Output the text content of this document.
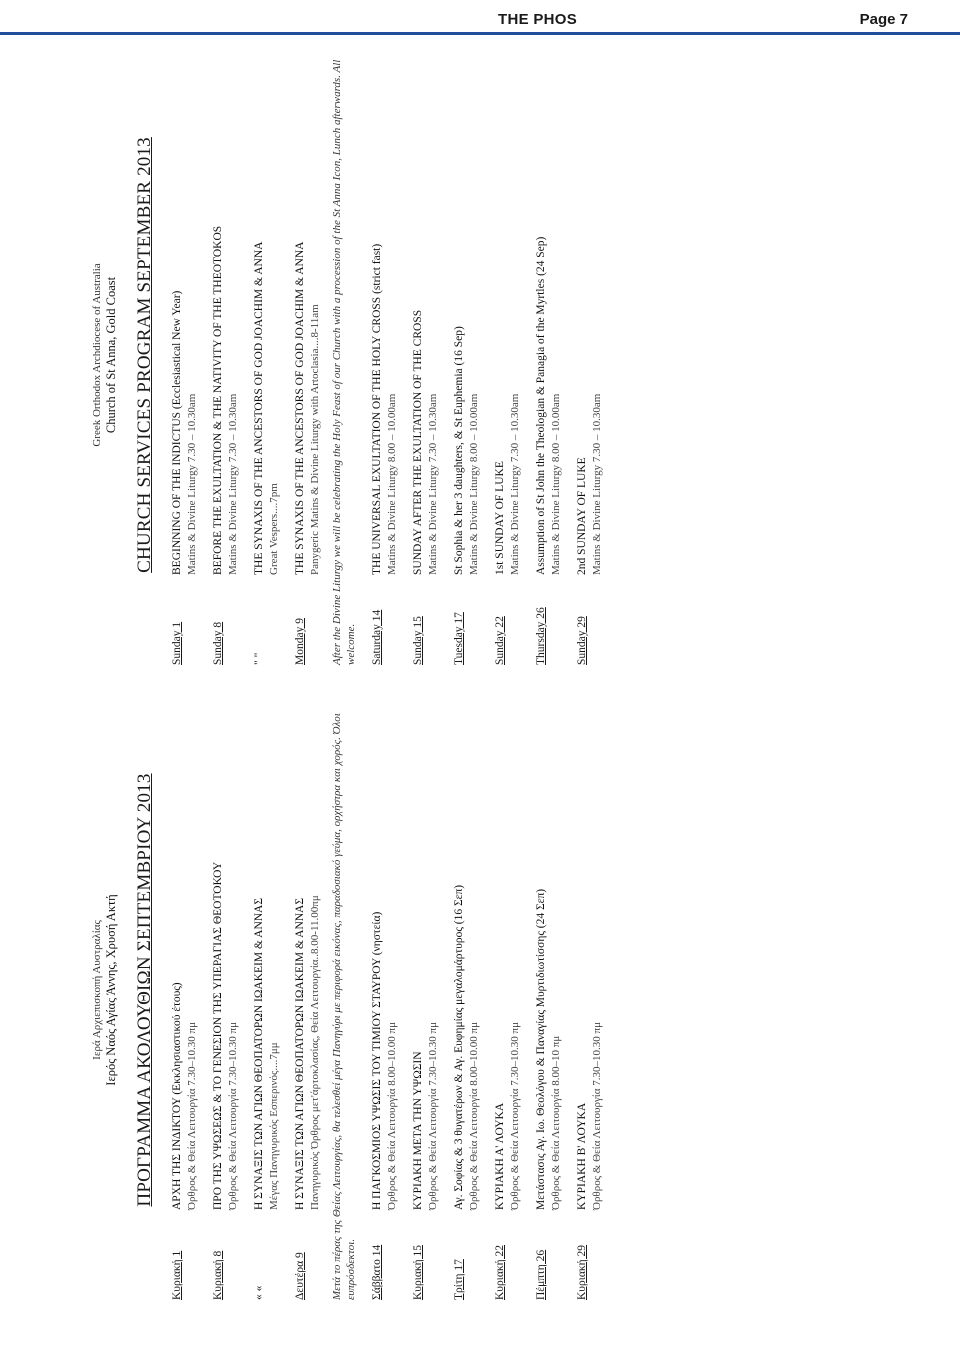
THE PHOS	Page 7
Ιερά Αρχιεπισκοπή Αυστραλίας Ιερός Ναός Αγίας Άννης, Χρυσή Ακτή ΠΡΟΓΡΑΜΜΑ ΑΚΟΛΟΥΘΙΩΝ ΣΕΠΤΕΜΒΡΙΟΥ 2013
Κυριακή 1
ΑΡΧΗ ΤΗΣ ΙΝΔΙΚΤΟΥ (Εκκλησιαστικού έτους) Όρθρος & Θεία Λειτουργία 7.30–10.30 πμ
Κυριακή 8
ΠΡΟ ΤΗΣ ΥΨΩΣΕΩΣ & ΤΟ ΓΕΝΕΣΙΟΝ ΤΗΣ ΥΠΕΡΑΓΙΑΣ ΘΕΟΤΟΚΟΥ Όρθρος & Θεία Λειτουργία 7.30–10.30 πμ
« «
Η ΣΥΝΑΞΙΣ ΤΩΝ ΑΓΙΩΝ ΘΕΟΠΑΤΟΡΩΝ ΙΩΑΚΕΙΜ & ΑΝΝΑΣ Μέγας Πανηγυρικός Εσπερινός....7μμ
Δευτέρα 9
Η ΣΥΝΑΞΙΣ ΤΩΝ ΑΓΙΩΝ ΘΕΟΠΑΤΟΡΩΝ ΙΩΑΚΕΙΜ & ΑΝΝΑΣ Πανηγυρικός Όρθρος μετ'άρτοκλασίας, Θεία Λειτουργία..8.00-11.00πμ Μετά το πέρας της Θείας Λειτουργίας, θα τελεσθεί μέγα Πανηγύρι με περιφορά εικόνας, παραδοσιακό γεύμα, ορχήστρα και χορός. Όλοι ευπρόσδεκτοι. Σάββατο 14
Η ΠΑΓΚΟΣΜΙΟΣ ΥΨΩΣΙΣ ΤΟΥ ΤΙΜΙΟΥ ΣΤΑΥΡΟΥ (νηστεία) Όρθρος & Θεία Λειτουργία 8.00–10.00 πμ
Κυριακή 15
ΚΥΡΙΑΚΗ ΜΕΤΑ ΤΗΝ ΥΨΩΣΙΝ Όρθρος & Θεία Λειτουργία 7.30–10.30 πμ
Τρίτη 17
Αγ. Σοφίας & 3 θυγατέρων & Αγ. Ευφημίας μεγαλομάρτυρος (16 Σεπ) Όρθρος & Θεία Λειτουργία 8.00–10.00 πμ
Κυριακή 22
ΚΥΡΙΑΚΗ Α' ΛΟΥΚΑ Όρθρος & Θεία Λειτουργία 7.30–10.30 πμ
Πέμπτη 26
Μετάστασις Αγ. Ιω. Θεολόγου & Παναγίας Μυρτιδιωτίσσης (24 Σεπ) Όρθρος & Θεία Λειτουργία 8.00–10 πμ
Κυριακή 29
ΚΥΡΙΑΚΗ Β' ΛΟΥΚΑ Όρθρος & Θεία Λειτουργία 7.30–10.30 πμ
Greek Orthodox Archdiocese of Australia Church of St Anna, Gold Coast CHURCH SERVICES PROGRAM SEPTEMBER 2013
Sunday 1
BEGINNING OF THE INDICTUS (Ecclesiastical New Year) Matins & Divine Liturgy 7.30 – 10.30am
Sunday 8
BEFORE THE EXULTATION & THE NATIVITY OF THE THEOTOKOS Matins & Divine Liturgy 7.30 – 10.30am
" "
THE SYNAXIS OF THE ANCESTORS OF GOD JOACHIM & ANNA Great Vespers....7pm
Monday 9
THE SYNAXIS OF THE ANCESTORS OF GOD JOACHIM & ANNA Panygeric Matins & Divine Liturgy with Artoclasia....8-11am After the Divine Liturgy we will be celebrating the Holy Feast of our Church with a procession of the St Anna Icon, Lunch afterwards. All welcome. Saturday 14
THE UNIVERSAL EXULTATION OF THE HOLY CROSS (strict fast) Matins & Divine Liturgy 8.00 – 10.00am
Sunday 15
SUNDAY AFTER THE EXULTATION OF THE CROSS Matins & Divine Liturgy 7.30 – 10.30am
Tuesday 17
St Sophia & her 3 daughters, & St Euphemia (16 Sep) Matins & Divine Liturgy 8.00 – 10.00am
Sunday 22
1st SUNDAY OF LUKE Matins & Divine Liturgy 7.30 – 10.30am
Thursday 26
Assumption of St John the Theologian & Panagia of the Myrtles (24 Sep) Matins & Divine Liturgy 8.00 – 10.00am
Sunday 29
2nd SUNDAY OF LUKE Matins & Divine Liturgy 7.30 – 10.30am
